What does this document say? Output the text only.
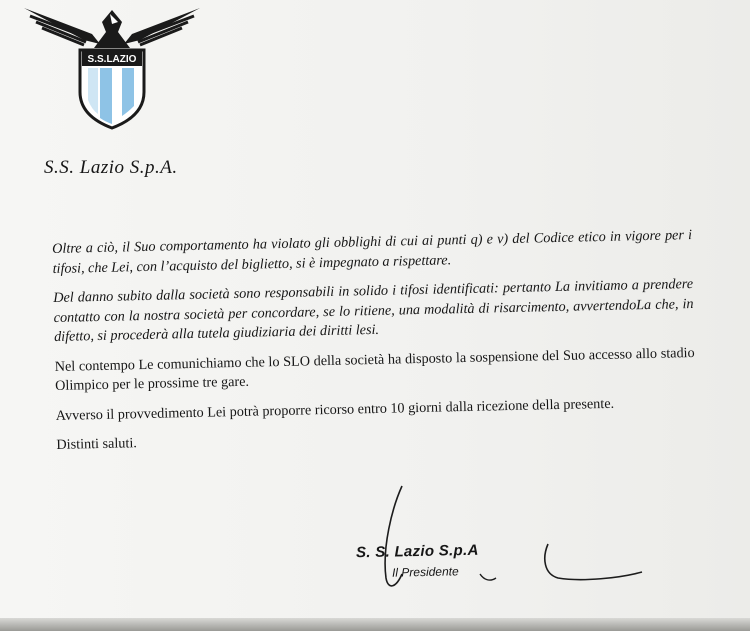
S.S.LAZIO
S.S. Lazio S.p.A.

Oltre a ciò, il Suo comportamento ha violato gli obblighi di cui ai punti q) e v) del Codice etico in vigore per i tifosi, che Lei, con l’acquisto del biglietto, si è impegnato a rispettare.

Del danno subito dalla società sono responsabili in solido i tifosi identificati: pertanto La invitiamo a prendere contatto con la nostra società per concordare, se lo ritiene, una modalità di risarcimento, avvertendoLa che, in difetto, si procederà alla tutela giudiziaria dei diritti lesi.

Nel contempo Le comunichiamo che lo SLO della società ha disposto la sospensione del Suo accesso allo stadio Olimpico per le prossime tre gare.

Avverso il provvedimento Lei potrà proporre ricorso entro 10 giorni dalla ricezione della presente.

Distinti saluti.

S. S. Lazio S.p.A
Il Presidente
